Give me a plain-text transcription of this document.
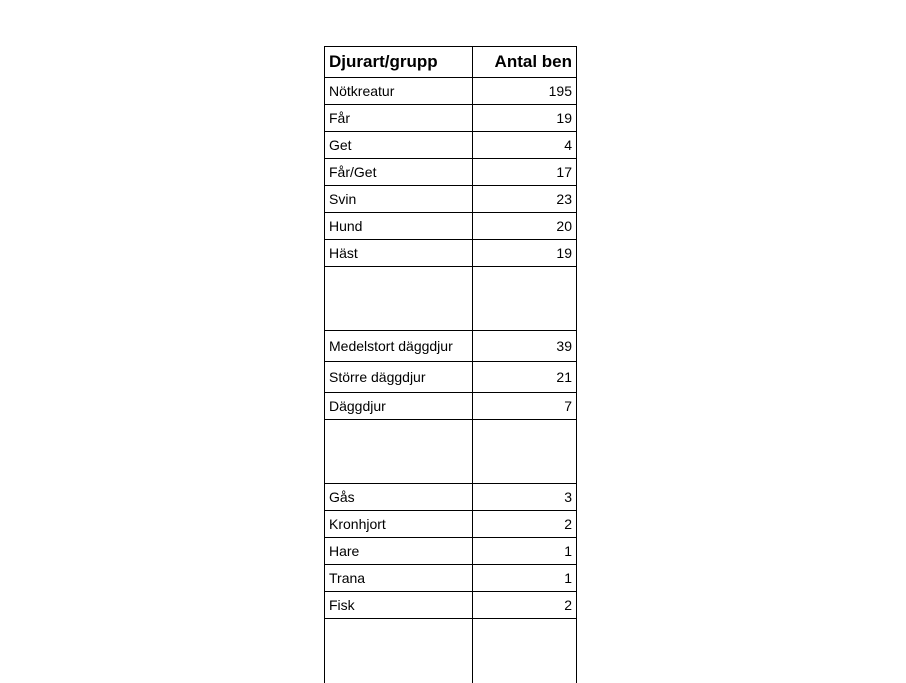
Djurart/grupp	Antal ben
Nötkreatur	195
Får	19
Get	4
Får/Get	17
Svin	23
Hund	20
Häst	19

Medelstort däggdjur	39
Större däggdjur	21
Däggdjur	7

Gås	3
Kronhjort	2
Hare	1
Trana	1
Fisk	2
